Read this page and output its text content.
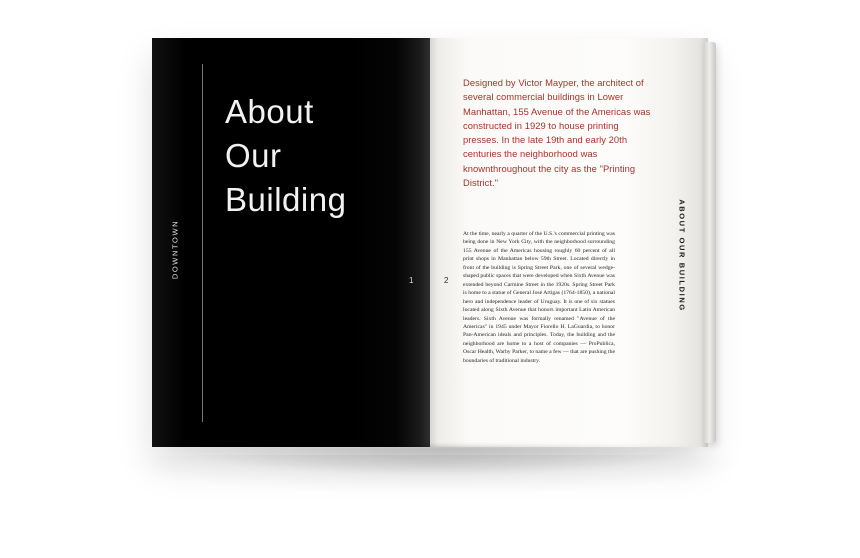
About
Our
Building
DOWNTOWN
1	2
Designed by Victor Mayper, the architect of several commercial buildings in Lower Manhattan, 155 Avenue of the Americas was constructed in 1929 to house printing presses. In the late 19th and early 20th centuries the neighborhood was knownthroughout the city as the "Printing District."
At the time, nearly a quarter of the U.S.'s commercial printing was being done in New York City, with the neighborhood surrounding 155 Avenue of the Americas housing roughly 60 percent of all print shops in Manhattan below 59th Street. Located directly in front of the building is Spring Street Park, one of several wedge-shaped public spaces that were developed when Sixth Avenue was extended beyond Carmine Street in the 1920s. Spring Street Park is home to a statue of General José Artigas (1764-1850), a national hero and independence leader of Uruguay. It is one of six statues located along Sixth Avenue that honors important Latin American leaders. Sixth Avenue was formally renamed "Avenue of the Americas" in 1945 under Mayor Fiorello H. LaGuardia, to honor Pan-American ideals and principles. Today, the building and the neighborhood are home to a host of companies — ProPublica, Oscar Health, Warby Parker, to name a few — that are pushing the boundaries of traditional industry.
ABOUT OUR BUILDING
